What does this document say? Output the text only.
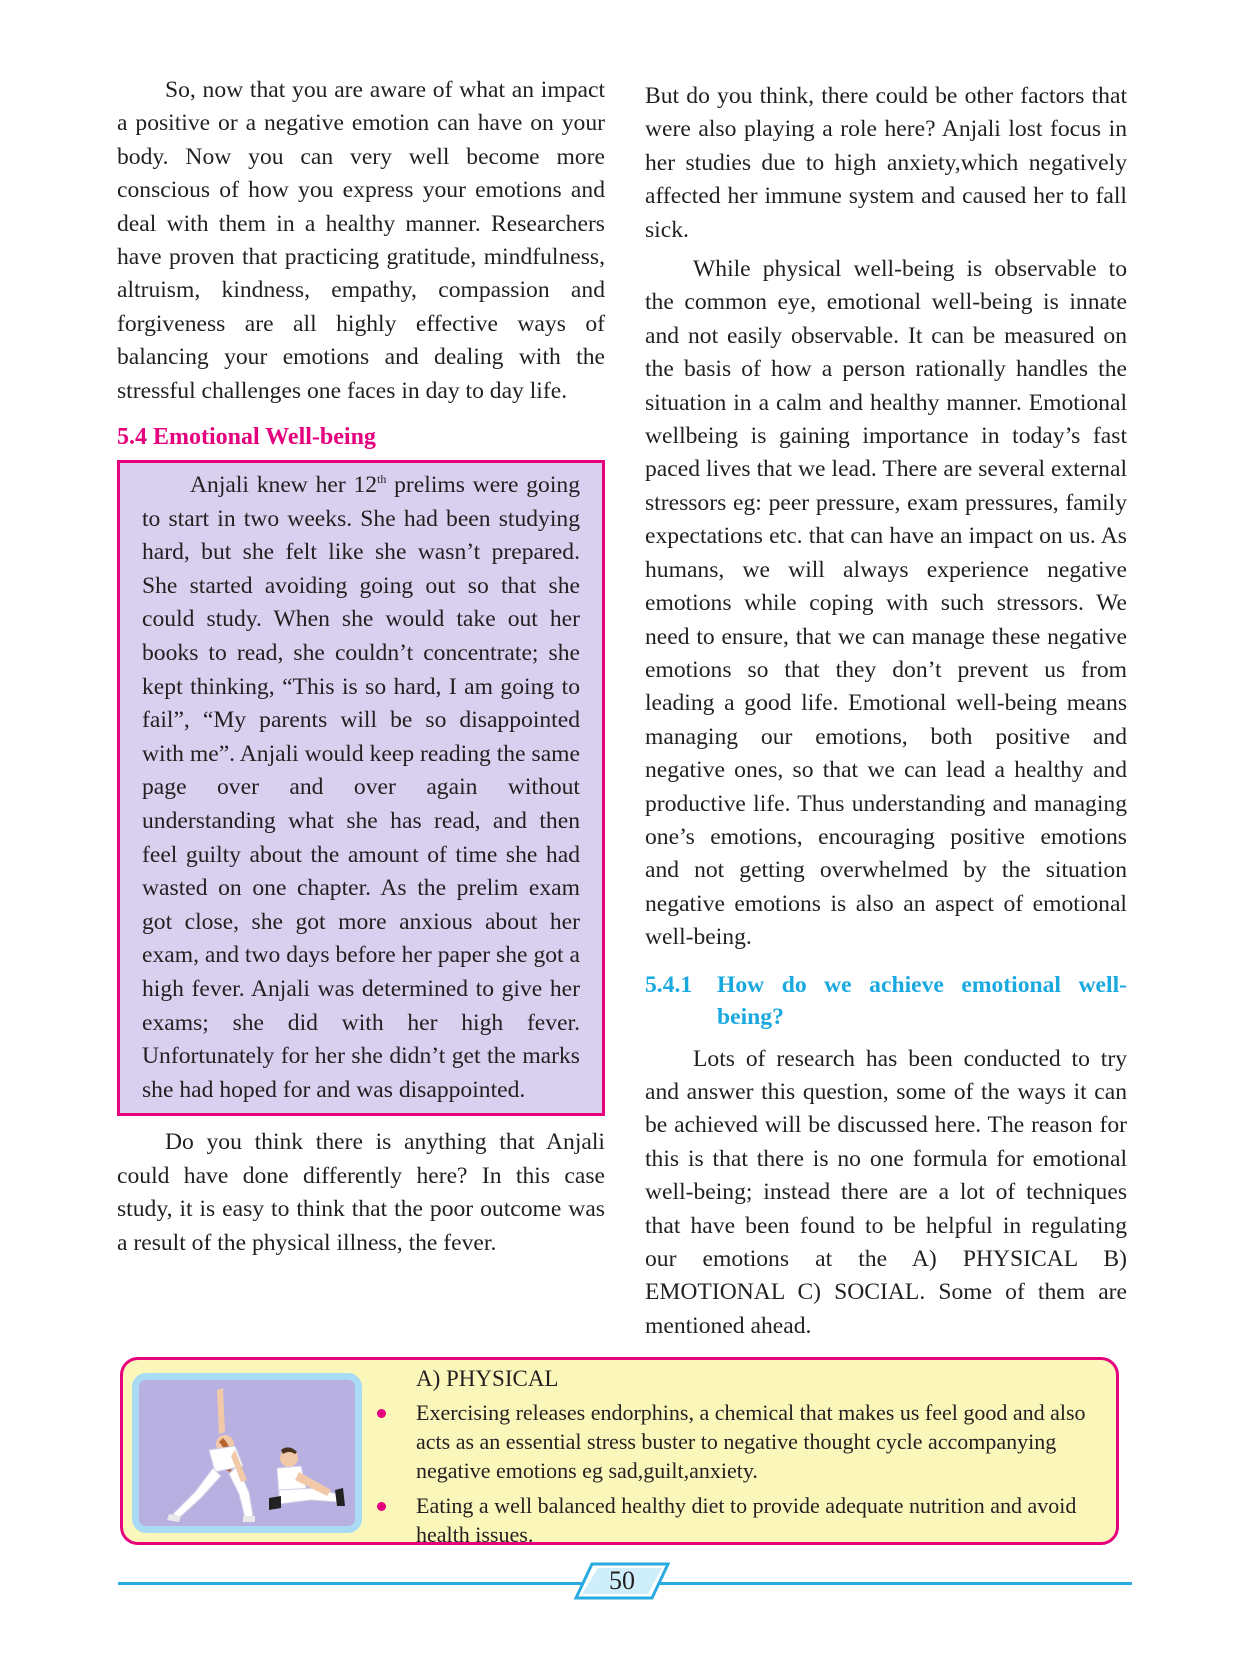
So, now that you are aware of what an impact a positive or a negative emotion can have on your body. Now you can very well become more conscious of how you express your emotions and deal with them in a healthy manner. Researchers have proven that practicing gratitude, mindfulness, altruism, kindness, empathy, compassion and forgiveness are all highly effective ways of balancing your emotions and dealing with the stressful challenges one faces in day to day life.

5.4 Emotional Well-being

Anjali knew her 12th prelims were going to start in two weeks. She had been studying hard, but she felt like she wasn’t prepared. She started avoiding going out so that she could study. When she would take out her books to read, she couldn’t concentrate; she kept thinking, “This is so hard, I am going to fail”, “My parents will be so disappointed with me”. Anjali would keep reading the same page over and over again without understanding what she has read, and then feel guilty about the amount of time she had wasted on one chapter. As the prelim exam got close, she got more anxious about her exam, and two days before her paper she got a high fever. Anjali was determined to give her exams; she did with her high fever. Unfortunately for her she didn’t get the marks she had hoped for and was disappointed.

Do you think there is anything that Anjali could have done differently here? In this case study, it is easy to think that the poor outcome was a result of the physical illness, the fever.

But do you think, there could be other factors that were also playing a role here? Anjali lost focus in her studies due to high anxiety,which negatively affected her immune system and caused her to fall sick.

While physical well-being is observable to the common eye, emotional well-being is innate and not easily observable. It can be measured on the basis of how a person rationally handles the situation in a calm and healthy manner. Emotional wellbeing is gaining importance in today’s fast paced lives that we lead. There are several external stressors eg: peer pressure, exam pressures, family expectations etc. that can have an impact on us. As humans, we will always experience negative emotions while coping with such stressors. We need to ensure, that we can manage these negative emotions so that they don’t prevent us from leading a good life. Emotional well-being means managing our emotions, both positive and negative ones, so that we can lead a healthy and productive life. Thus understanding and managing one’s emotions, encouraging positive emotions and not getting overwhelmed by the situation negative emotions is also an aspect of emotional well-being.

5.4.1	How do we achieve emotional well-being?

Lots of research has been conducted to try and answer this question, some of the ways it can be achieved will be discussed here. The reason for this is that there is no one formula for emotional well-being; instead there are a lot of techniques that have been found to be helpful in regulating our emotions at the A) PHYSICAL B) EMOTIONAL C) SOCIAL. Some of them are mentioned ahead.

A) PHYSICAL
Exercising releases endorphins, a chemical that makes us feel good and also acts as an essential stress buster to negative thought cycle accompanying negative emotions eg sad,guilt,anxiety.
Eating a well balanced healthy diet to provide adequate nutrition and avoid health issues.
50
